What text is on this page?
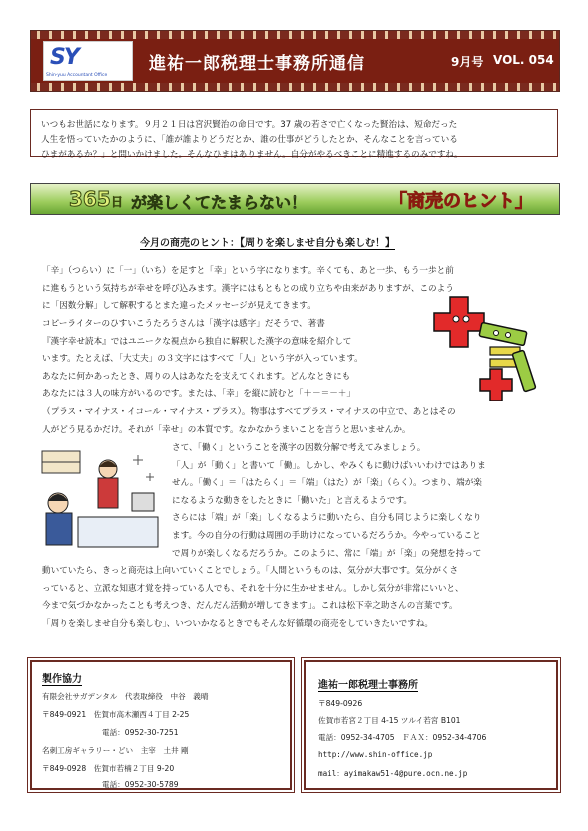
SY
Shin-yuu Accountant Office
進祐一郎税理士事務所通信	9月号 VOL. 054
いつもお世話になります。９月２１日は宮沢賢治の命日です。37 歳の若さで亡くなった賢治は、短命だった
人生を悟っていたかのように、「誰が誰よりどうだとか、誰の仕事がどうしたとか、そんなことを言っている
ひまがあるか？」と問いかけました。そんなひまはありません。自分がやるべきことに精進するのみですね。
365 日 が楽しくてたまらない！	「商売のヒント」
今月の商売のヒント：【周りを楽しませ自分も楽しむ！】
「辛」（つらい）に「一」（いち）を足すと「幸」という字になります。辛くても、あと一歩、もう一歩と前
に進もうという気持ちが幸せを呼び込みます。漢字にはもともとの成り立ちや由来がありますが、このよう
に「因数分解」して解釈するとまた違ったメッセージが見えてきます。
コピーライターのひすいこうたろうさんは「漢字は感字」だそうで、著書
『漢字幸せ読本』ではユニークな視点から独自に解釈した漢字の意味を紹介して
います。たとえば、「大丈夫」の３文字にはすべて「人」という字が入っています。
あなたに何かあったとき、周りの人はあなたを支えてくれます。どんなときにも
あなたには３人の味方がいるのです。または、「幸」を縦に読むと「＋－＝－＋」
（プラス・マイナス・イコール・マイナス・プラス）。物事はすべてプラス・マイナスの中立で、あとはその
人がどう見るかだけ。それが「幸せ」の本質です。なかなかうまいことを言うと思いませんか。
さて、「働く」ということを漢字の因数分解で考えてみましょう。
「人」が「動く」と書いて「働」。しかし、やみくもに動けばいいわけではありま
せん。「働く」＝「はたらく」＝「端」（はた）が「楽」（らく）。つまり、端が楽
になるような動きをしたときに「働いた」と言えるようです。
さらには「端」が「楽」しくなるように動いたら、自分も同じように楽しくなり
ます。今の自分の行動は周囲の手助けになっているだろうか。今やっていること
で周りが楽しくなるだろうか。このように、常に「端」が「楽」の発想を持って
動いていたら、きっと商売は上向いていくことでしょう。「人間というものは、気分が大事です。気分がくさ
っていると、立派な知恵才覚を持っている人でも、それを十分に生かせません。しかし気分が非常にいいと、
今まで気づかなかったことも考えつき、だんだん活動が増してきます」。これは松下幸之助さんの言葉です。
「周りを楽しませ自分も楽しむ」、いついかなるときでもそんな好循環の商売をしていきたいですね。
製作協力
有限会社サガデンタル　代表取締役　中谷　義晴
〒849-0921　佐賀市高木瀬西４丁目 2-25
電話：0952-30-7251
名刺工房ギャラリー・どい　主宰　土井 剛
〒849-0928　佐賀市若楠２丁目 9-20
電話：0952-30-5789
進祐一郎税理士事務所
〒849-0926
佐賀市若宮２丁目 4-15 ツルイ若宮 B101
電話：0952-34-4705　ＦＡＸ：0952-34-4706
http://www.shin-office.jp
mail：ayimakaw51-4@pure.ocn.ne.jp
